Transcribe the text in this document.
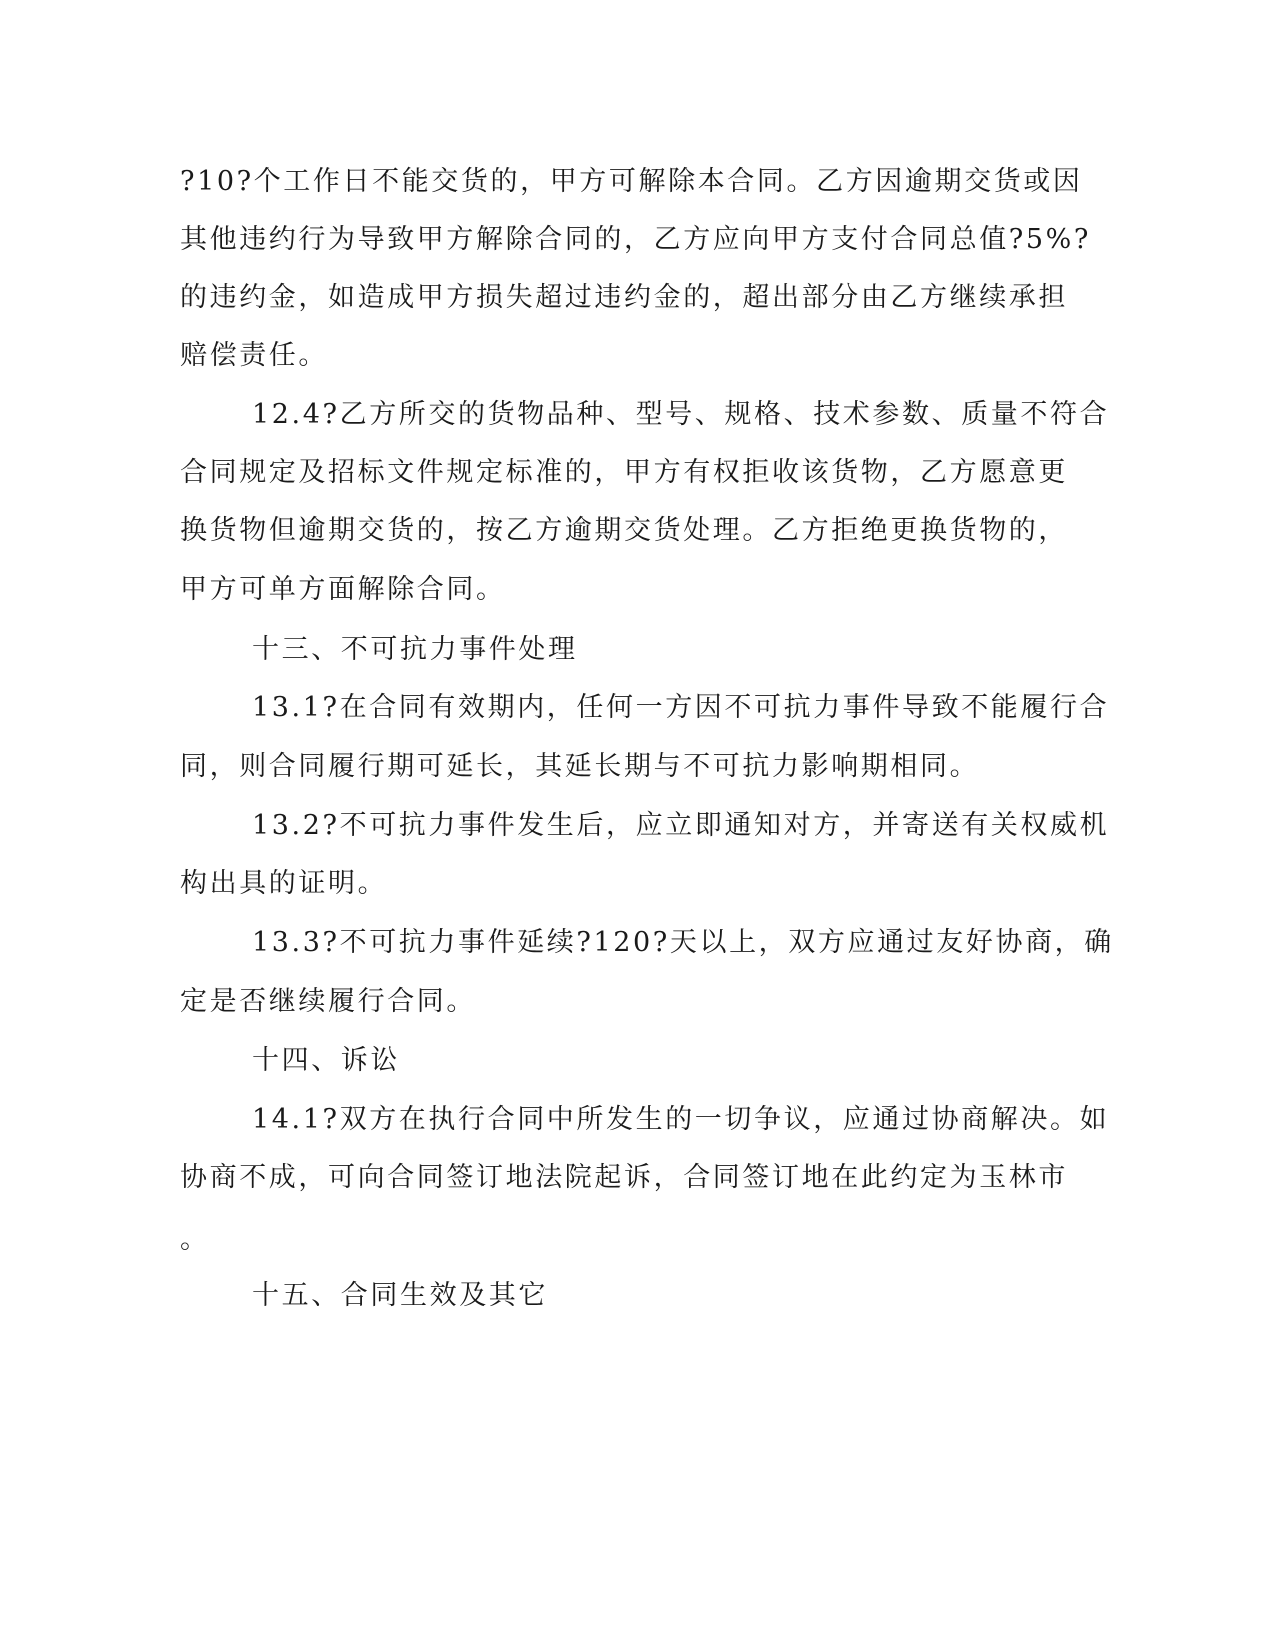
?10?个工作日不能交货的，甲方可解除本合同。乙方因逾期交货或因
其他违约行为导致甲方解除合同的，乙方应向甲方支付合同总值?5%?
的违约金，如造成甲方损失超过违约金的，超出部分由乙方继续承担
赔偿责任。
12.4?乙方所交的货物品种、型号、规格、技术参数、质量不符合
合同规定及招标文件规定标准的，甲方有权拒收该货物，乙方愿意更
换货物但逾期交货的，按乙方逾期交货处理。乙方拒绝更换货物的，
甲方可单方面解除合同。
十三、不可抗力事件处理
13.1?在合同有效期内，任何一方因不可抗力事件导致不能履行合
同，则合同履行期可延长，其延长期与不可抗力影响期相同。
13.2?不可抗力事件发生后，应立即通知对方，并寄送有关权威机
构出具的证明。
13.3?不可抗力事件延续?120?天以上，双方应通过友好协商，确
定是否继续履行合同。
十四、诉讼
14.1?双方在执行合同中所发生的一切争议，应通过协商解决。如
协商不成，可向合同签订地法院起诉，合同签订地在此约定为玉林市
。
十五、合同生效及其它
